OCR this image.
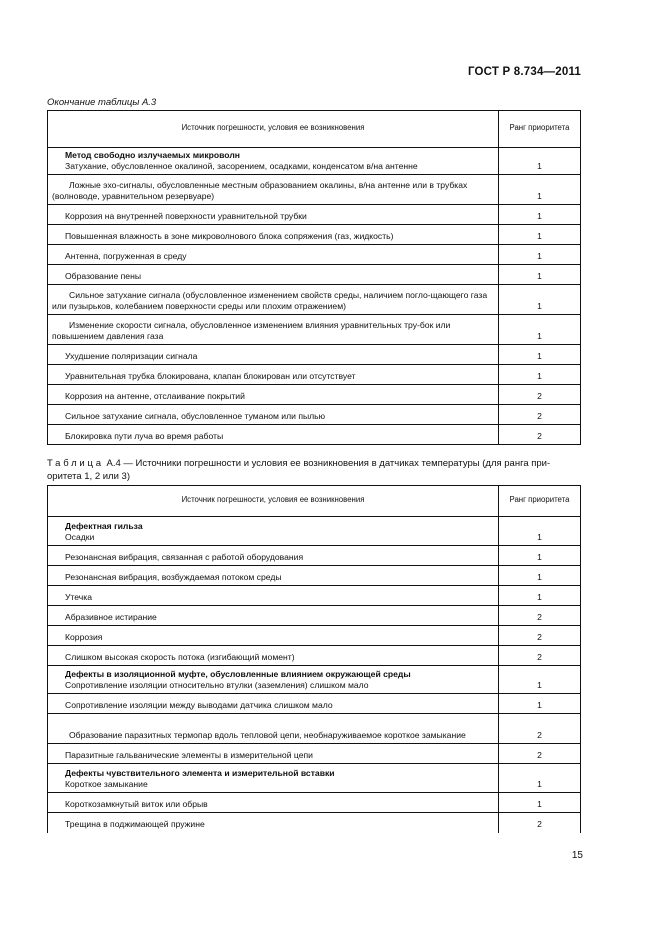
ГОСТ Р 8.734—2011
Окончание таблицы А.3
Источник погрешности, условия ее возникновения	Ранг приоритета

Метод свободно излучаемых микроволн
Затухание, обусловленное окалиной, засорением, осадками, конденсатом в/на антенне	1
Ложные эхо-сигналы, обусловленные местным образованием окалины, в/на антенне или в трубках (волноводе, уравнительном резервуаре)	1
Коррозия на внутренней поверхности уравнительной трубки	1
Повышенная влажность в зоне микроволнового блока сопряжения (газ, жидкость)	1
Антенна, погруженная в среду	1
Образование пены	1
Сильное затухание сигнала (обусловленное изменением свойств среды, наличием погло-щающего газа или пузырьков, колебанием поверхности среды или плохим отражением)	1
Изменение скорости сигнала, обусловленное изменением влияния уравнительных тру-бок или повышением давления газа	1
Ухудшение поляризации сигнала	1
Уравнительная трубка блокирована, клапан блокирован или отсутствует	1
Коррозия на антенне, отслаивание покрытий	2
Сильное затухание сигнала, обусловленное туманом или пылью	2
Блокировка пути луча во время работы	2
Таблица А.4 — Источники погрешности и условия ее возникновения в датчиках температуры (для ранга при-
оритета 1, 2 или 3)
Источник погрешности, условия ее возникновения	Ранг приоритета

Дефектная гильза
Осадки	1
Резонансная вибрация, связанная с работой оборудования	1
Резонансная вибрация, возбуждаемая потоком среды	1
Утечка	1
Абразивное истирание	2
Коррозия	2
Слишком высокая скорость потока (изгибающий момент)	2

Дефекты в изоляционной муфте, обусловленные влиянием окружающей среды
Сопротивление изоляции относительно втулки (заземления) слишком мало	1
Сопротивление изоляции между выводами датчика слишком мало	1
Образование паразитных термопар вдоль тепловой цепи, необнаруживаемое короткое замыкание	2
Паразитные гальванические элементы в измерительной цепи	2

Дефекты чувствительного элемента и измерительной вставки
Короткое замыкание	1
Короткозамкнутый виток или обрыв	1
Трещина в поджимающей пружине	2
15
